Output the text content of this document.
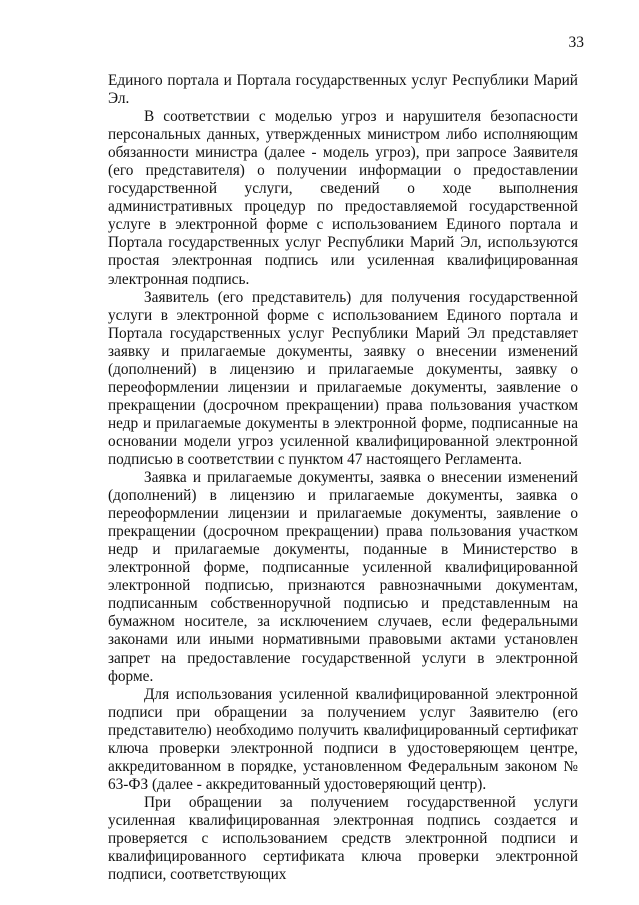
33

Единого портала и Портала государственных услуг Республики Марий Эл.

В соответствии с моделью угроз и нарушителя безопасности персональных данных, утвержденных министром либо исполняющим обязанности министра (далее - модель угроз), при запросе Заявителя (его представителя) о получении информации о предоставлении государственной услуги, сведений о ходе выполнения административных процедур по предоставляемой государственной услуге в электронной форме с использованием Единого портала и Портала государственных услуг Республики Марий Эл, используются простая электронная подпись или усиленная квалифицированная электронная подпись.

Заявитель (его представитель) для получения государственной услуги в электронной форме с использованием Единого портала и Портала государственных услуг Республики Марий Эл представляет заявку и прилагаемые документы, заявку о внесении изменений (дополнений) в лицензию и прилагаемые документы, заявку о переоформлении лицензии и прилагаемые документы, заявление о прекращении (досрочном прекращении) права пользования участком недр и прилагаемые документы в электронной форме, подписанные на основании модели угроз усиленной квалифицированной электронной подписью в соответствии с пунктом 47 настоящего Регламента.

Заявка и прилагаемые документы, заявка о внесении изменений (дополнений) в лицензию и прилагаемые документы, заявка о переоформлении лицензии и прилагаемые документы, заявление о прекращении (досрочном прекращении) права пользования участком недр и прилагаемые документы, поданные в Министерство в электронной форме, подписанные усиленной квалифицированной электронной подписью, признаются равнозначными документам, подписанным собственноручной подписью и представленным на бумажном носителе, за исключением случаев, если федеральными законами или иными нормативными правовыми актами установлен запрет на предоставление государственной услуги в электронной форме.

Для использования усиленной квалифицированной электронной подписи при обращении за получением услуг Заявителю (его представителю) необходимо получить квалифицированный сертификат ключа проверки электронной подписи в удостоверяющем центре, аккредитованном в порядке, установленном Федеральным законом № 63-ФЗ (далее - аккредитованный удостоверяющий центр).

При обращении за получением государственной услуги усиленная квалифицированная электронная подпись создается и проверяется с использованием средств электронной подписи и квалифицированного сертификата ключа проверки электронной подписи, соответствующих
